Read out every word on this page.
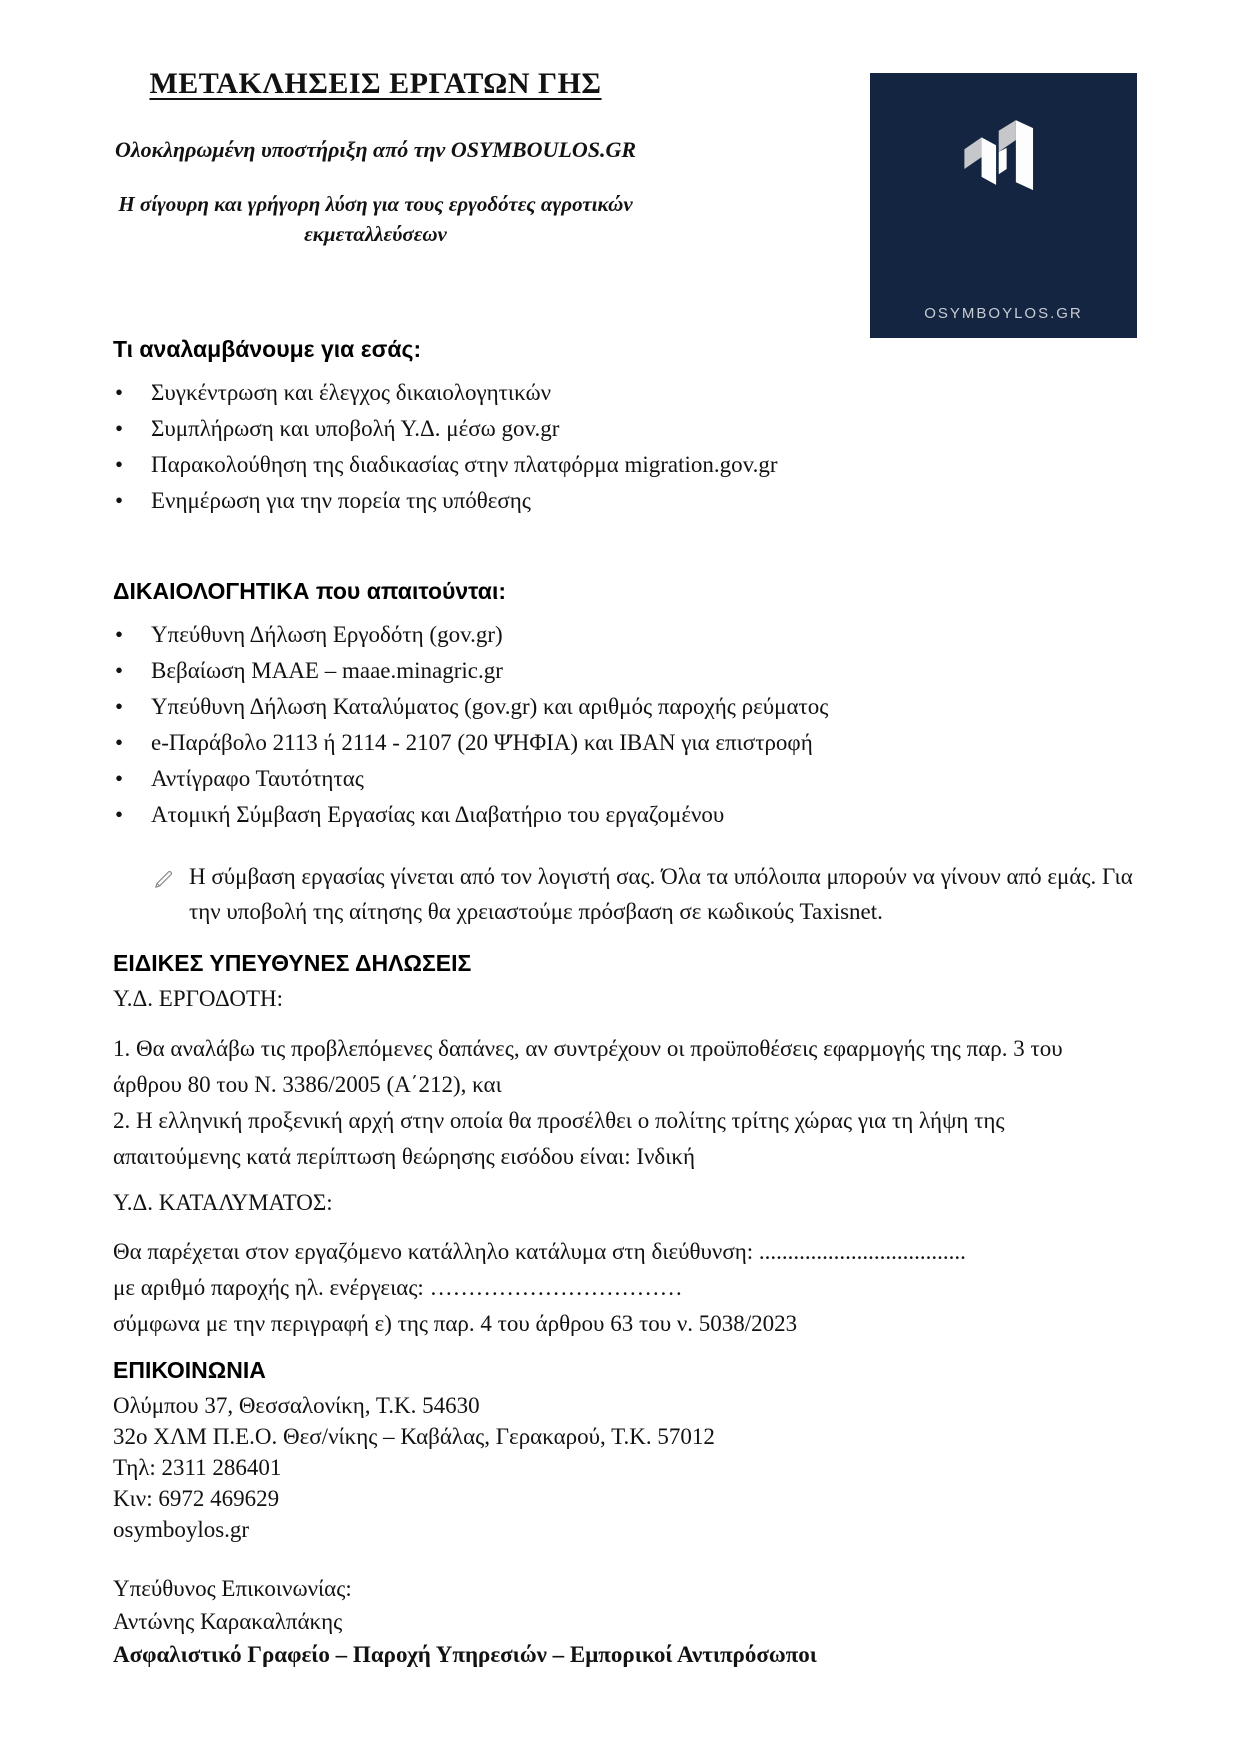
ΜΕΤΑΚΛΗΣΕΙΣ ΕΡΓΑΤΩΝ ΓΗΣ
Ολοκληρωμένη υποστήριξη από την OSYMBOULOS.GR
Η σίγουρη και γρήγορη λύση για τους εργοδότες αγροτικών εκμεταλλεύσεων
OSYMBOYLOS.GR

Τι αναλαμβάνουμε για εσάς:

• Συγκέντρωση και έλεγχος δικαιολογητικών
• Συμπλήρωση και υποβολή Υ.Δ. μέσω gov.gr
• Παρακολούθηση της διαδικασίας στην πλατφόρμα migration.gov.gr
• Ενημέρωση για την πορεία της υπόθεσης

ΔΙΚΑΙΟΛΟΓΗΤΙΚΑ που απαιτούνται:

• Υπεύθυνη Δήλωση Εργοδότη (gov.gr)
• Βεβαίωση ΜΑΑΕ – maae.minagric.gr
• Υπεύθυνη Δήλωση Καταλύματος (gov.gr) και αριθμός παροχής ρεύματος
• e-Παράβολο 2113 ή 2114 - 2107 (20 ΨΉΦΙΑ) και IBAN για επιστροφή
• Αντίγραφο Ταυτότητας
• Ατομική Σύμβαση Εργασίας και Διαβατήριο του εργαζομένου
Η σύμβαση εργασίας γίνεται από τον λογιστή σας. Όλα τα υπόλοιπα μπορούν να γίνουν από εμάς. Για την υποβολή της αίτησης θα χρειαστούμε πρόσβαση σε κωδικούς Taxisnet.

ΕΙΔΙΚΕΣ ΥΠΕΥΘΥΝΕΣ ΔΗΛΩΣΕΙΣ

Υ.Δ. ΕΡΓΟΔΟΤΗ:

1. Θα αναλάβω τις προβλεπόμενες δαπάνες, αν συντρέχουν οι προϋποθέσεις εφαρμογής της παρ. 3 του άρθρου 80 του Ν. 3386/2005 (Α΄212), και

2. Η ελληνική προξενική αρχή στην οποία θα προσέλθει ο πολίτης τρίτης χώρας για τη λήψη της απαιτούμενης κατά περίπτωση θεώρησης εισόδου είναι: Ινδική

Υ.Δ. ΚΑΤΑΛΥΜΑΤΟΣ:

Θα παρέχεται στον εργαζόμενο κατάλληλο κατάλυμα στη διεύθυνση: ....................................

με αριθμό παροχής ηλ. ενέργειας: ……………………………

σύμφωνα με την περιγραφή ε) της παρ. 4 του άρθρου 63 του ν. 5038/2023

ΕΠΙΚΟΙΝΩΝΙΑ

Ολύμπου 37, Θεσσαλονίκη, Τ.Κ. 54630

32ο ΧΛΜ Π.Ε.Ο. Θεσ/νίκης – Καβάλας, Γερακαρού, Τ.Κ. 57012

Τηλ: 2311 286401

Κιν: 6972 469629

osymboylos.gr

Υπεύθυνος Επικοινωνίας:

Αντώνης Καρακαλπάκης

Ασφαλιστικό Γραφείο – Παροχή Υπηρεσιών – Εμπορικοί Αντιπρόσωποι
